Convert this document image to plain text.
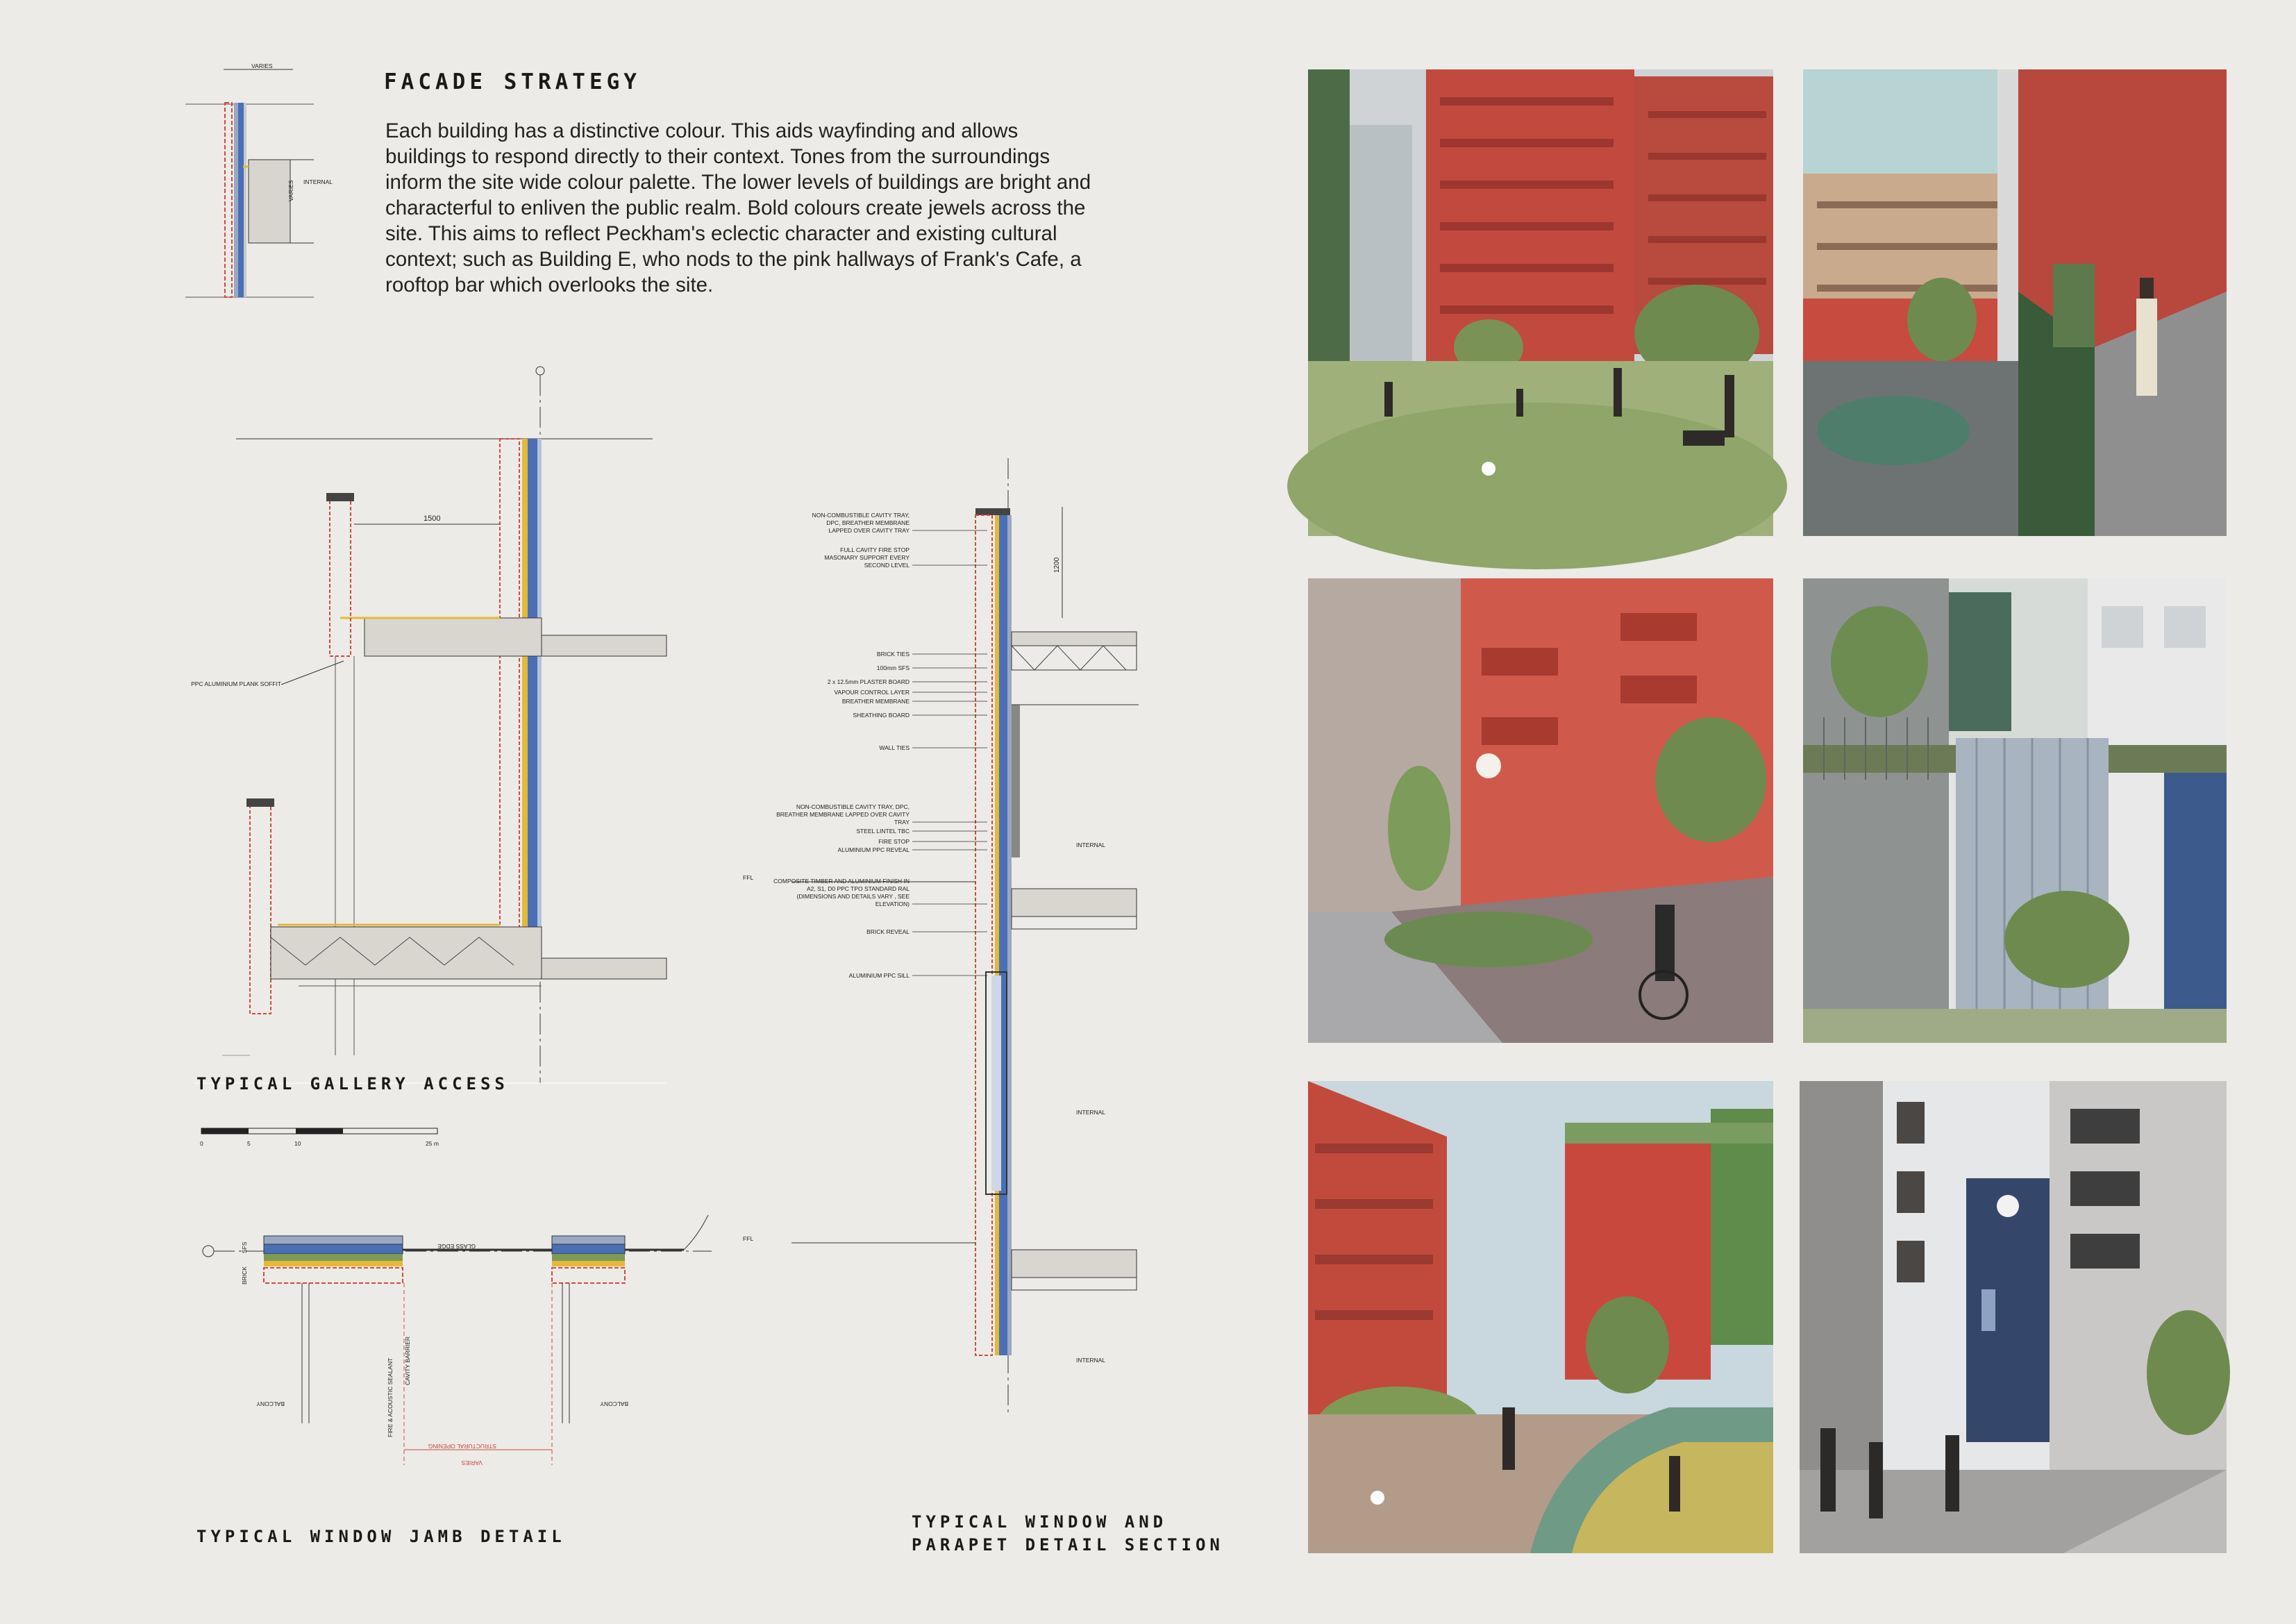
FACADE STRATEGY
Each building has a distinctive colour. This aids wayfinding and allows buildings to respond directly to their context. Tones from the surroundings inform the site wide colour palette. The lower levels of buildings are bright and characterful to enliven the public realm. Bold colours create jewels across the site. This aims to reflect Peckham's eclectic character and existing cultural context; such as Building E, who nods to the pink hallways of Frank's Cafe, a rooftop bar which overlooks the site.
VARIES
INTERNAL
VARIES
1500
PPC ALUMINIUM PLANK SOFFIT
TYPICAL GALLERY ACCESS
0	5	10	25 m
SFS
BRICK
GLASS EDGE
BALCONY	BALCONY
FIRE & ACOUSTIC SEALANT CAVITY BARRIER
STRUCTURAL OPENING
VARIES
TYPICAL WINDOW JAMB DETAIL
1200
FFL
FFL
INTERNAL
INTERNAL
INTERNAL
NON-COMBUSTIBLE CAVITY TRAY,
DPC, BREATHER MEMBRANE
LAPPED OVER CAVITY TRAY
FULL CAVITY FIRE STOP
MASONARY SUPPORT EVERY
SECOND LEVEL
BRICK TIES
100mm SFS
2 x 12.5mm PLASTER BOARD
VAPOUR CONTROL LAYER
BREATHER MEMBRANE
SHEATHING BOARD
WALL TIES
NON-COMBUSTIBLE CAVITY TRAY, DPC,
BREATHER MEMBRANE LAPPED OVER CAVITY
TRAY
STEEL LINTEL TBC
FIRE STOP
ALUMINIUM PPC REVEAL
COMPOSITE TIMBER AND ALUMINIUM FINISH IN
A2, S1, D0 PPC TPO STANDARD RAL
(DIMENSIONS AND DETAILS VARY , SEE
ELEVATION)
BRICK REVEAL
ALUMINIUM PPC SILL
TYPICAL WINDOW AND
PARAPET DETAIL SECTION
